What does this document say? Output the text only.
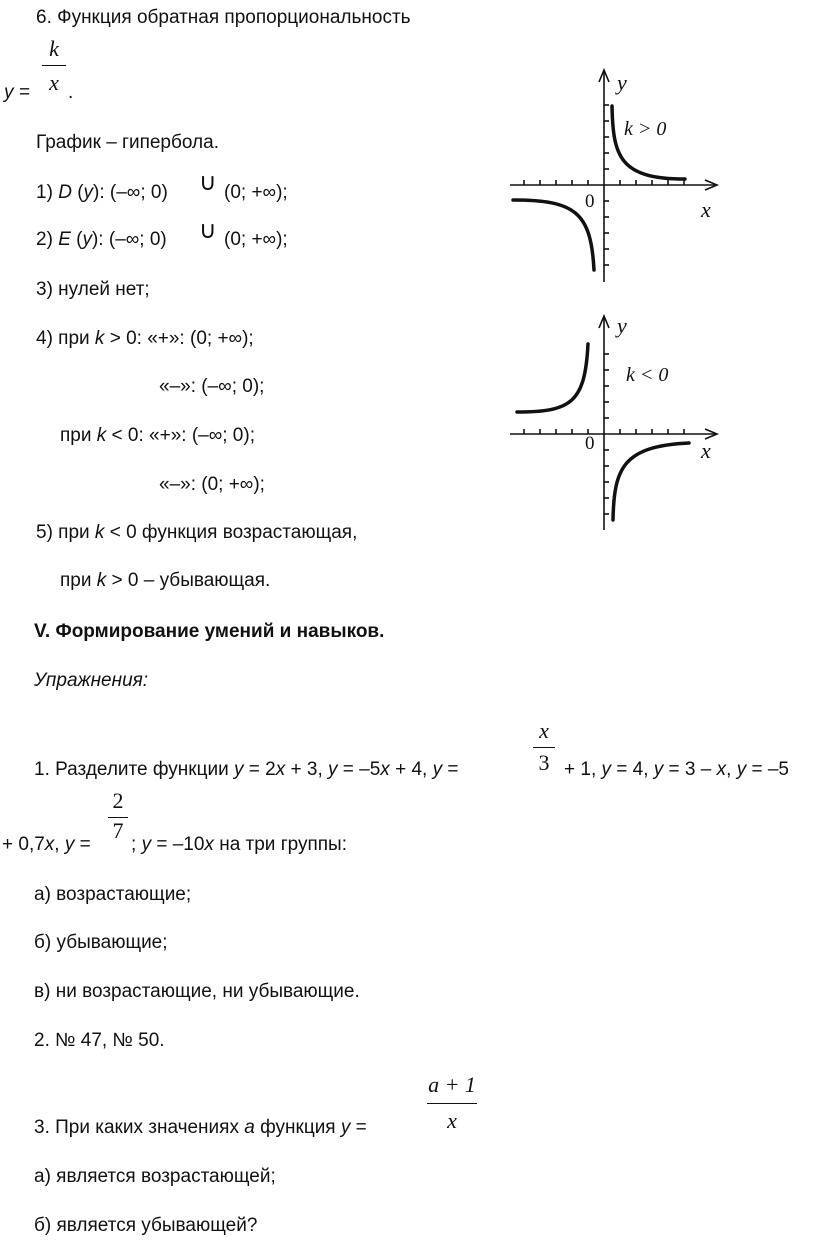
6. Функция обратная пропорциональность
y =
k
x .
График – гипербола.
1) D (y): (–∞; 0) ∪ (0; +∞);
2) E (y): (–∞; 0) ∪ (0; +∞);
3) нулей нет;
4) при k > 0: «+»: (0; +∞);
«–»: (–∞; 0);
при k < 0: «+»: (–∞; 0);
«–»: (0; +∞);
5) при k < 0 функция возрастающая,
при k > 0 – убывающая.
V. Формирование умений и навыков.
Упражнения:
x
3
1. Разделите функции y = 2x + 3, y = –5x + 4, y =	+ 1, y = 4, y = 3 – x, y = –5
2
7
+ 0,7x, y = ; y = –10x на три группы:
а) возрастающие;
б) убывающие;
в) ни возрастающие, ни убывающие.
2. № 47, № 50.
a + 1
x
3. При каких значениях a функция y =
а) является возрастающей;
б) является убывающей?
y
x
0
k > 0
y
x
0
k < 0
